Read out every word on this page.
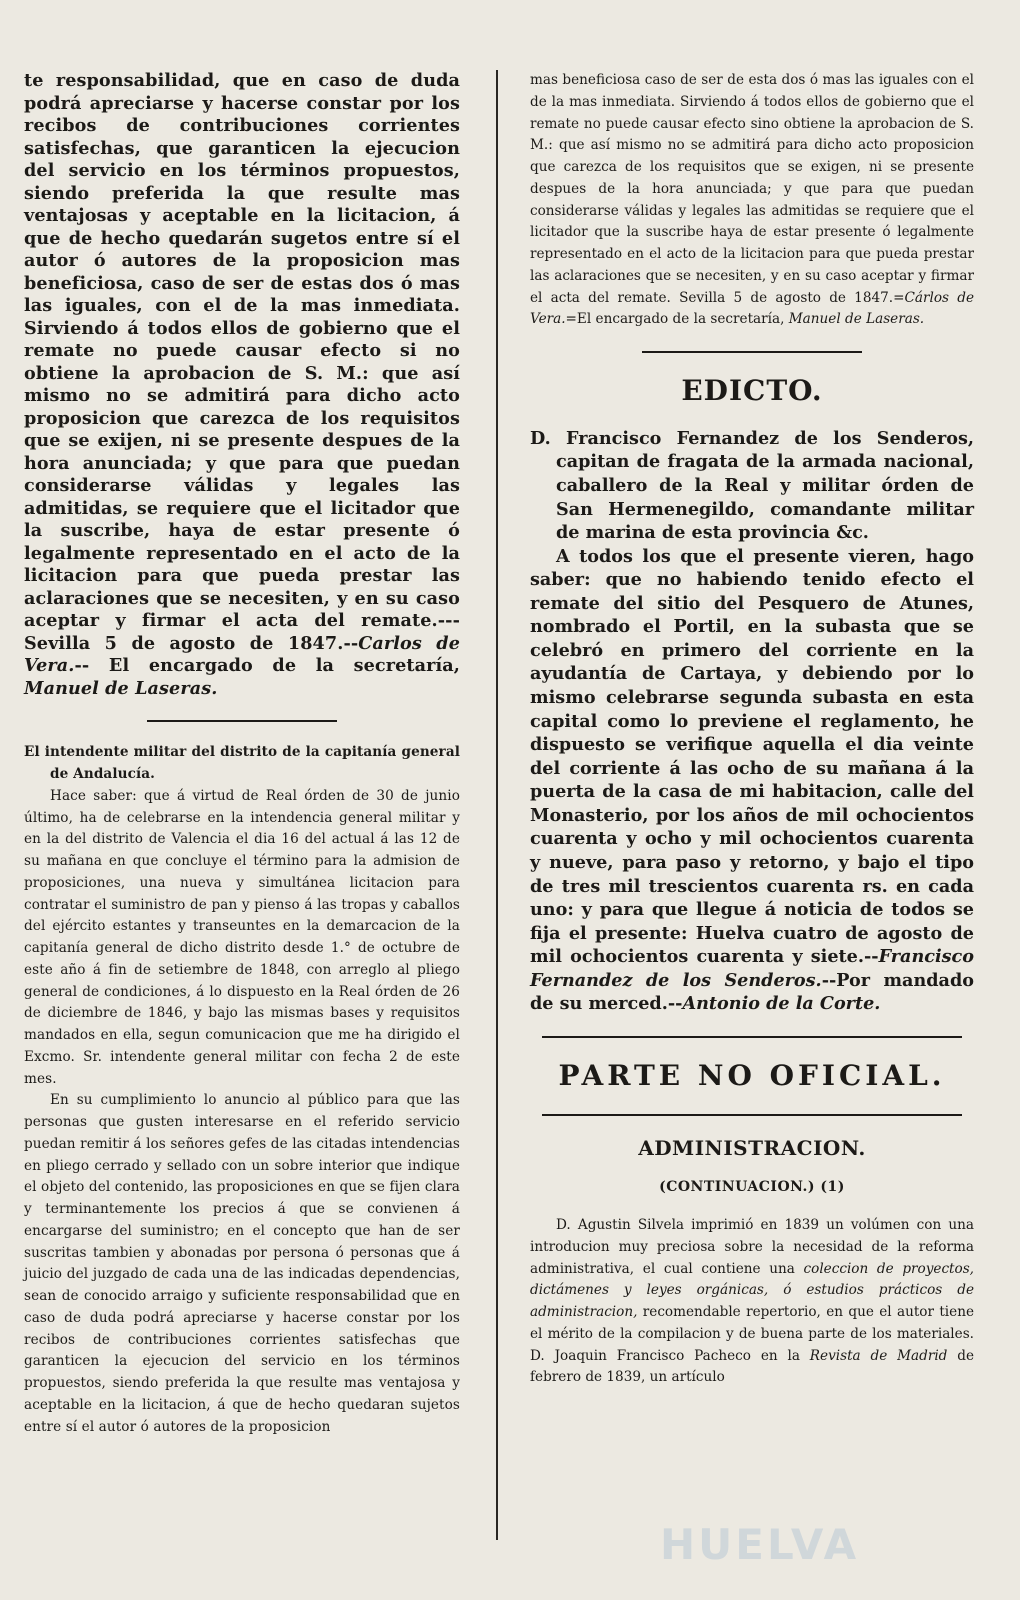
te responsabilidad, que en caso de duda podrá apreciarse y hacerse constar por los recibos de contribuciones corrientes satisfechas, que garanticen la ejecucion del servicio en los términos propuestos, siendo preferida la que resulte mas ventajosas y aceptable en la licitacion, á que de hecho quedarán sugetos entre sí el autor ó autores de la proposicion mas beneficiosa, caso de ser de estas dos ó mas las iguales, con el de la mas inmediata. Sirviendo á todos ellos de gobierno que el remate no puede causar efecto si no obtiene la aprobacion de S. M.: que así mismo no se admitirá para dicho acto proposicion que carezca de los requisitos que se exijen, ni se presente despues de la hora anunciada; y que para que puedan considerarse válidas y legales las admitidas, se requiere que el licitador que la suscribe, haya de estar presente ó legalmente representado en el acto de la licitacion para que pueda prestar las aclaraciones que se necesiten, y en su caso aceptar y firmar el acta del remate.---Sevilla 5 de agosto de 1847.--Carlos de Vera.-- El encargado de la secretaría, Manuel de Laseras.

El intendente militar del distrito de la capitanía general de Andalucía.

Hace saber: que á virtud de Real órden de 30 de junio último, ha de celebrarse en la intendencia general militar y en la del distrito de Valencia el dia 16 del actual á las 12 de su mañana en que concluye el término para la admision de proposiciones, una nueva y simultánea licitacion para contratar el suministro de pan y pienso á las tropas y caballos del ejército estantes y transeuntes en la demarcacion de la capitanía general de dicho distrito desde 1.° de octubre de este año á fin de setiembre de 1848, con arreglo al pliego general de condiciones, á lo dispuesto en la Real órden de 26 de diciembre de 1846, y bajo las mismas bases y requisitos mandados en ella, segun comunicacion que me ha dirigido el Excmo. Sr. intendente general militar con fecha 2 de este mes.

En su cumplimiento lo anuncio al público para que las personas que gusten interesarse en el referido servicio puedan remitir á los señores gefes de las citadas intendencias en pliego cerrado y sellado con un sobre interior que indique el objeto del contenido, las proposiciones en que se fijen clara y terminantemente los precios á que se convienen á encargarse del suministro; en el concepto que han de ser suscritas tambien y abonadas por persona ó personas que á juicio del juzgado de cada una de las indicadas dependencias, sean de conocido arraigo y suficiente responsabilidad que en caso de duda podrá apreciarse y hacerse constar por los recibos de contribuciones corrientes satisfechas que garanticen la ejecucion del servicio en los términos propuestos, siendo preferida la que resulte mas ventajosa y aceptable en la licitacion, á que de hecho quedaran sujetos entre sí el autor ó autores de la proposicion

mas beneficiosa caso de ser de esta dos ó mas las iguales con el de la mas inmediata. Sirviendo á todos ellos de gobierno que el remate no puede causar efecto sino obtiene la aprobacion de S. M.: que así mismo no se admitirá para dicho acto proposicion que carezca de los requisitos que se exigen, ni se presente despues de la hora anunciada; y que para que puedan considerarse válidas y legales las admitidas se requiere que el licitador que la suscribe haya de estar presente ó legalmente representado en el acto de la licitacion para que pueda prestar las aclaraciones que se necesiten, y en su caso aceptar y firmar el acta del remate. Sevilla 5 de agosto de 1847.=Cárlos de Vera.=El encargado de la secretaría, Manuel de Laseras.

EDICTO.

D. Francisco Fernandez de los Senderos, capitan de fragata de la armada nacional, caballero de la Real y militar órden de San Hermenegildo, comandante militar de marina de esta provincia &c.

A todos los que el presente vieren, hago saber: que no habiendo tenido efecto el remate del sitio del Pesquero de Atunes, nombrado el Portil, en la subasta que se celebró en primero del corriente en la ayudantía de Cartaya, y debiendo por lo mismo celebrarse segunda subasta en esta capital como lo previene el reglamento, he dispuesto se verifique aquella el dia veinte del corriente á las ocho de su mañana á la puerta de la casa de mi habitacion, calle del Monasterio, por los años de mil ochocientos cuarenta y ocho y mil ochocientos cuarenta y nueve, para paso y retorno, y bajo el tipo de tres mil trescientos cuarenta rs. en cada uno: y para que llegue á noticia de todos se fija el presente: Huelva cuatro de agosto de mil ochocientos cuarenta y siete.--Francisco Fernandez de los Senderos.--Por mandado de su merced.--Antonio de la Corte.

PARTE NO OFICIAL.
ADMINISTRACION.
(CONTINUACION.) (1)

D. Agustin Silvela imprimió en 1839 un volúmen con una introducion muy preciosa sobre la necesidad de la reforma administrativa, el cual contiene una coleccion de proyectos, dictámenes y leyes orgánicas, ó estudios prácticos de administracion, recomendable repertorio, en que el autor tiene el mérito de la compilacion y de buena parte de los materiales. D. Joaquin Francisco Pacheco en la Revista de Madrid de febrero de 1839, un artículo

HUELVA
